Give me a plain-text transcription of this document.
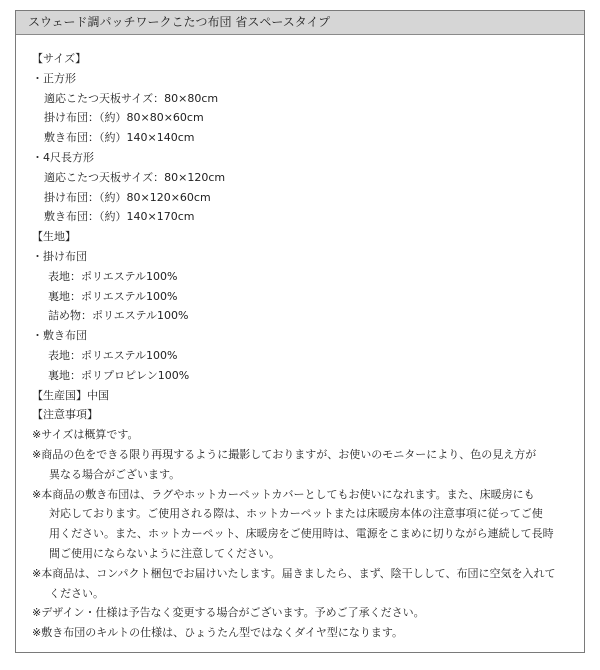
スウェード調パッチワークこたつ布団 省スペースタイプ
【サイズ】
・正方形
適応こたつ天板サイズ：80×80cm
掛け布団：（約）80×80×60cm
敷き布団：（約）140×140cm
・4尺長方形
適応こたつ天板サイズ：80×120cm
掛け布団：（約）80×120×60cm
敷き布団：（約）140×170cm
【生地】
・掛け布団
表地：ポリエステル100%
裏地：ポリエステル100%
詰め物：ポリエステル100%
・敷き布団
表地：ポリエステル100%
裏地：ポリプロピレン100%
【生産国】中国
【注意事項】
※サイズは概算です。
※商品の色をできる限り再現するように撮影しておりますが、お使いのモニターにより、色の見え方が
異なる場合がございます。
※本商品の敷き布団は、ラグやホットカーペットカバーとしてもお使いになれます。また、床暖房にも
対応しております。ご使用される際は、ホットカーペットまたは床暖房本体の注意事項に従ってご使
用ください。また、ホットカーペット、床暖房をご使用時は、電源をこまめに切りながら連続して長時
間ご使用にならないように注意してください。
※本商品は、コンパクト梱包でお届けいたします。届きましたら、まず、陰干しして、布団に空気を入れて
ください。
※デザイン・仕様は予告なく変更する場合がございます。予めご了承ください。
※敷き布団のキルトの仕様は、ひょうたん型ではなくダイヤ型になります。
